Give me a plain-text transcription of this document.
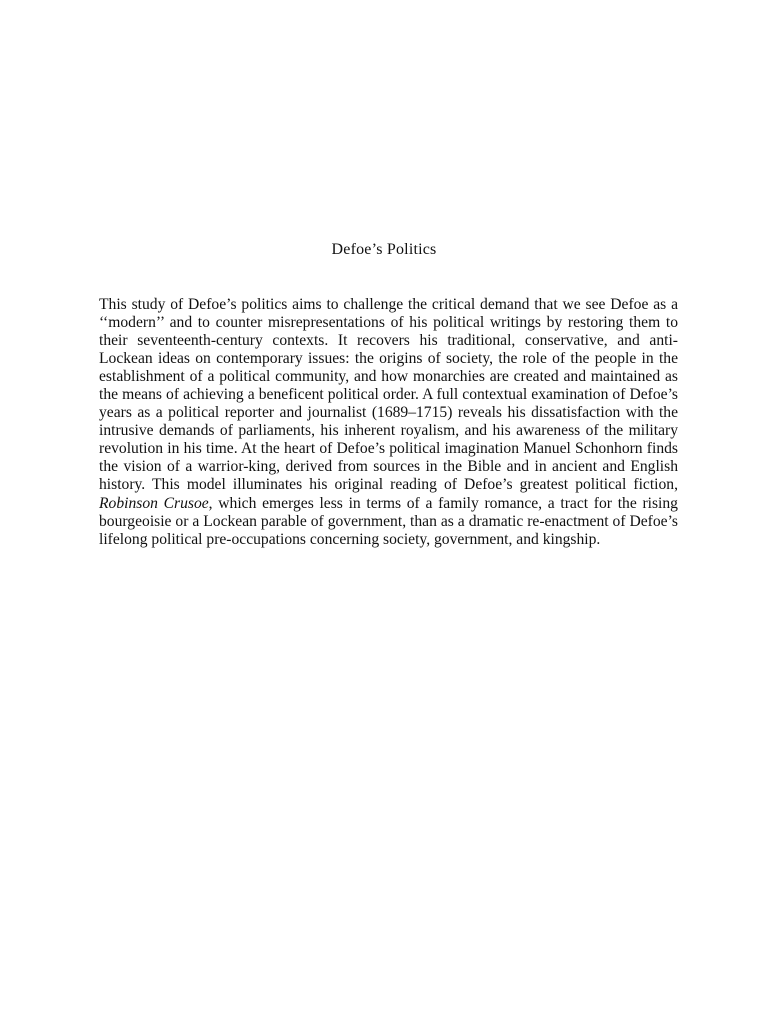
Defoe’s Politics

This study of Defoe’s politics aims to challenge the critical demand that we see Defoe as a ‘‘modern’’ and to counter misrepresentations of his political writings by restoring them to their seventeenth-century contexts. It recovers his traditional, conservative, and anti-Lockean ideas on contemporary issues: the origins of society, the role of the people in the establishment of a political community, and how monarchies are created and maintained as the means of achieving a beneficent political order. A full contextual examination of Defoe’s years as a political reporter and journalist (1689–1715) reveals his dissatisfaction with the intrusive demands of parliaments, his inherent royalism, and his awareness of the military revolution in his time. At the heart of Defoe’s political imagination Manuel Schonhorn finds the vision of a warrior-king, derived from sources in the Bible and in ancient and English history. This model illuminates his original reading of Defoe’s greatest political fiction, Robinson Crusoe, which emerges less in terms of a family romance, a tract for the rising bourgeoisie or a Lockean parable of government, than as a dramatic re-enactment of Defoe’s lifelong political pre-occupations concerning society, government, and kingship.
